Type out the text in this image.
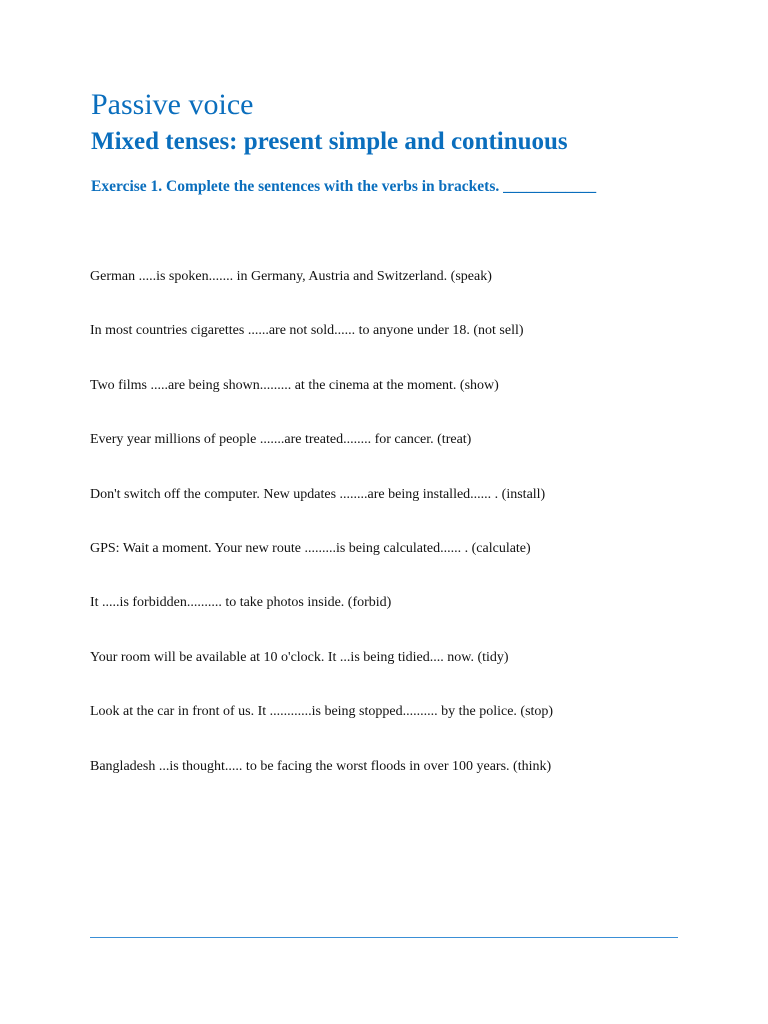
Passive voice
Mixed tenses: present simple and continuous

Exercise 1. Complete the sentences with the verbs in brackets. ____________

German .....is spoken....... in Germany, Austria and Switzerland. (speak)
In most countries cigarettes ......are not sold...... to anyone under 18. (not sell)
Two films .....are being shown......... at the cinema at the moment. (show)
Every year millions of people .......are treated........ for cancer. (treat)
Don't switch off the computer. New updates ........are being installed...... . (install)
GPS: Wait a moment. Your new route .........is being calculated...... . (calculate)
It .....is forbidden.......... to take photos inside. (forbid)
Your room will be available at 10 o'clock. It ...is being tidied.... now. (tidy)
Look at the car in front of us. It ............is being stopped.......... by the police. (stop)
Bangladesh ...is thought..... to be facing the worst floods in over 100 years. (think)
